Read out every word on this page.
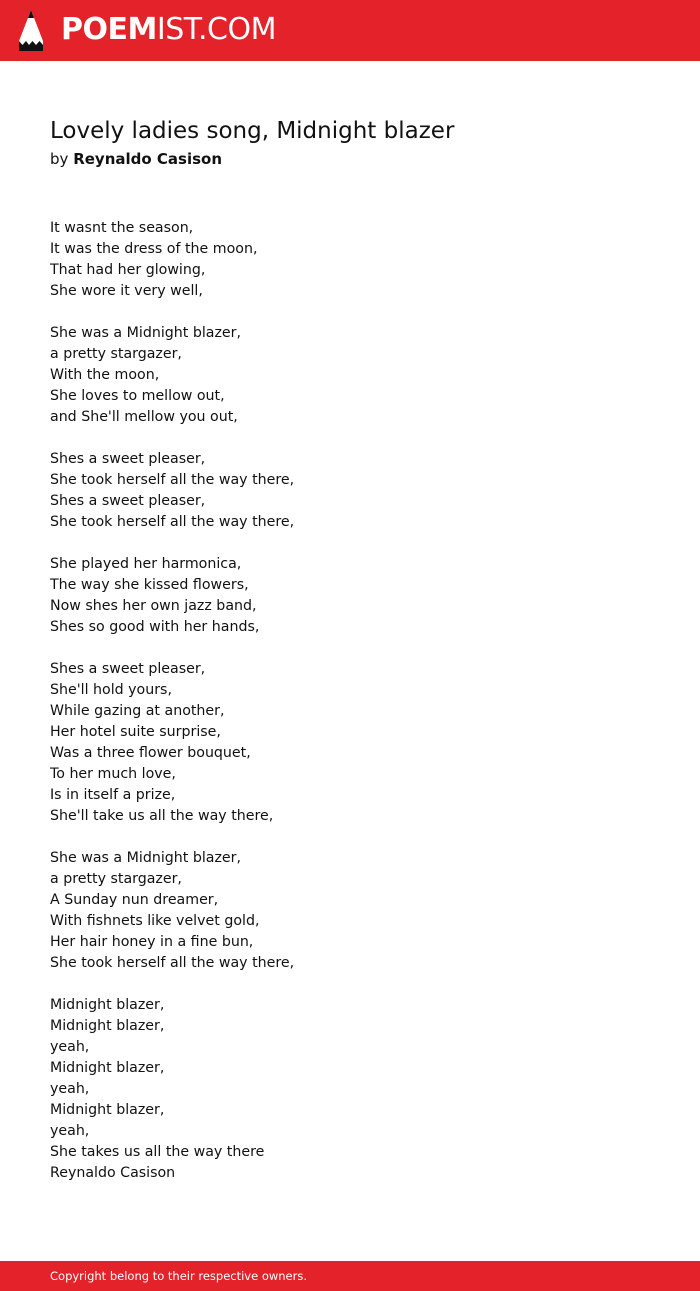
POEMIST.COM
Lovely ladies song, Midnight blazer
by Reynaldo Casison
It wasnt the season,
It was the dress of the moon,
That had her glowing,
She wore it very well,
She was a Midnight blazer,
a pretty stargazer,
With the moon,
She loves to mellow out,
and She'll mellow you out,
Shes a sweet pleaser,
She took herself all the way there,
Shes a sweet pleaser,
She took herself all the way there,
She played her harmonica,
The way she kissed flowers,
Now shes her own jazz band,
Shes so good with her hands,
Shes a sweet pleaser,
She'll hold yours,
While gazing at another,
Her hotel suite surprise,
Was a three flower bouquet,
To her much love,
Is in itself a prize,
She'll take us all the way there,
She was a Midnight blazer,
a pretty stargazer,
A Sunday nun dreamer,
With fishnets like velvet gold,
Her hair honey in a fine bun,
She took herself all the way there,
Midnight blazer,
Midnight blazer,
yeah,
Midnight blazer,
yeah,
Midnight blazer,
yeah,
She takes us all the way there
Reynaldo Casison
Copyright belong to their respective owners.
